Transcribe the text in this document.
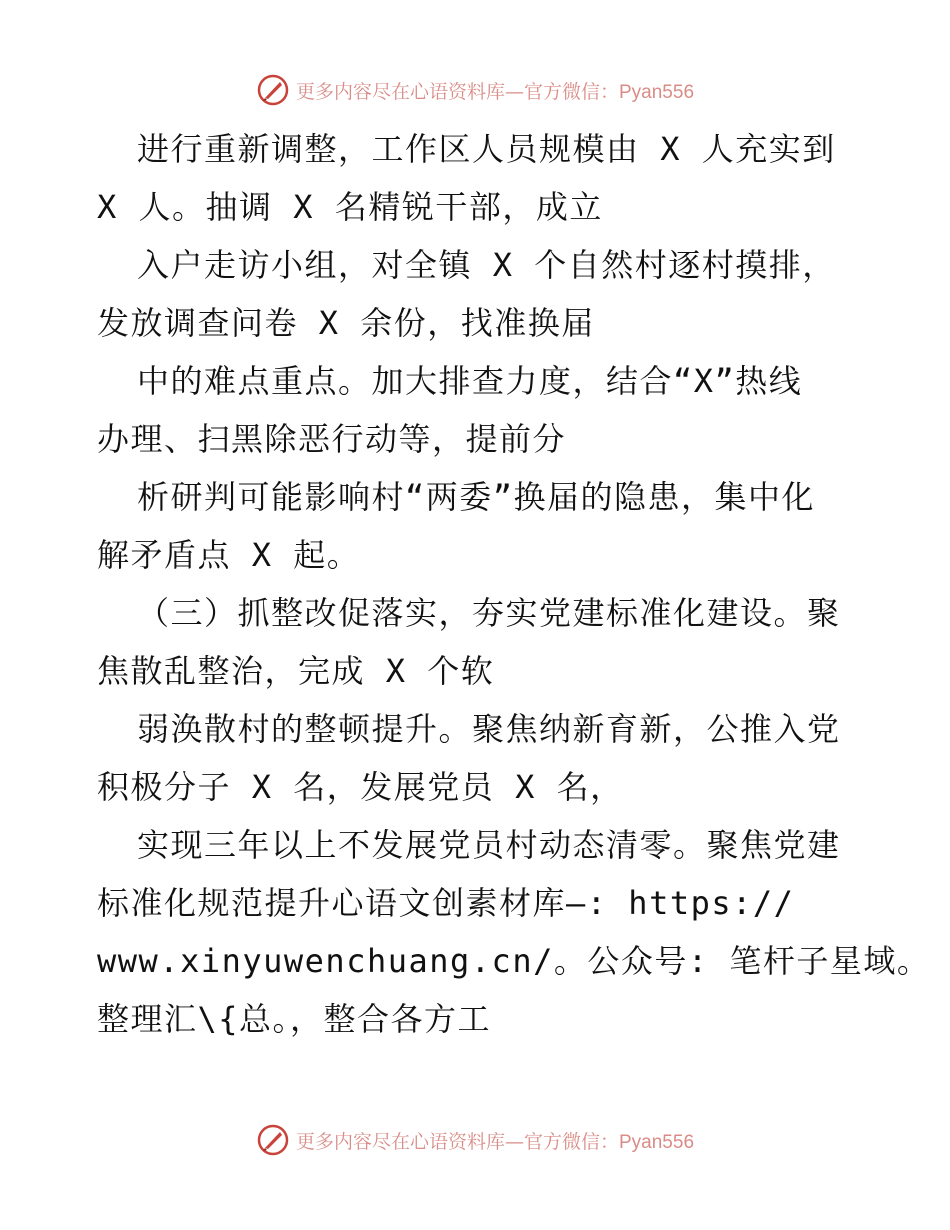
更多内容尽在心语资料库—官方微信：Pyan556
进行重新调整，工作区人员规模由 X 人充实到
X 人。抽调 X 名精锐干部，成立
入户走访小组，对全镇 X 个自然村逐村摸排，
发放调查问卷 X 余份，找准换届
中的难点重点。加大排查力度，结合“X”热线
办理、扫黑除恶行动等，提前分
析研判可能影响村“两委”换届的隐患，集中化
解矛盾点 X 起。
（三）抓整改促落实，夯实党建标准化建设。聚
焦散乱整治，完成 X 个软
弱涣散村的整顿提升。聚焦纳新育新，公推入党
积极分子 X 名，发展党员 X 名，
实现三年以上不发展党员村动态清零。聚焦党建
标准化规范提升心语文创素材库—: https://
www.xinyuwenchuang.cn/。公众号: 笔杆子星域。
整理汇\{总。，整合各方工
更多内容尽在心语资料库—官方微信：Pyan556
